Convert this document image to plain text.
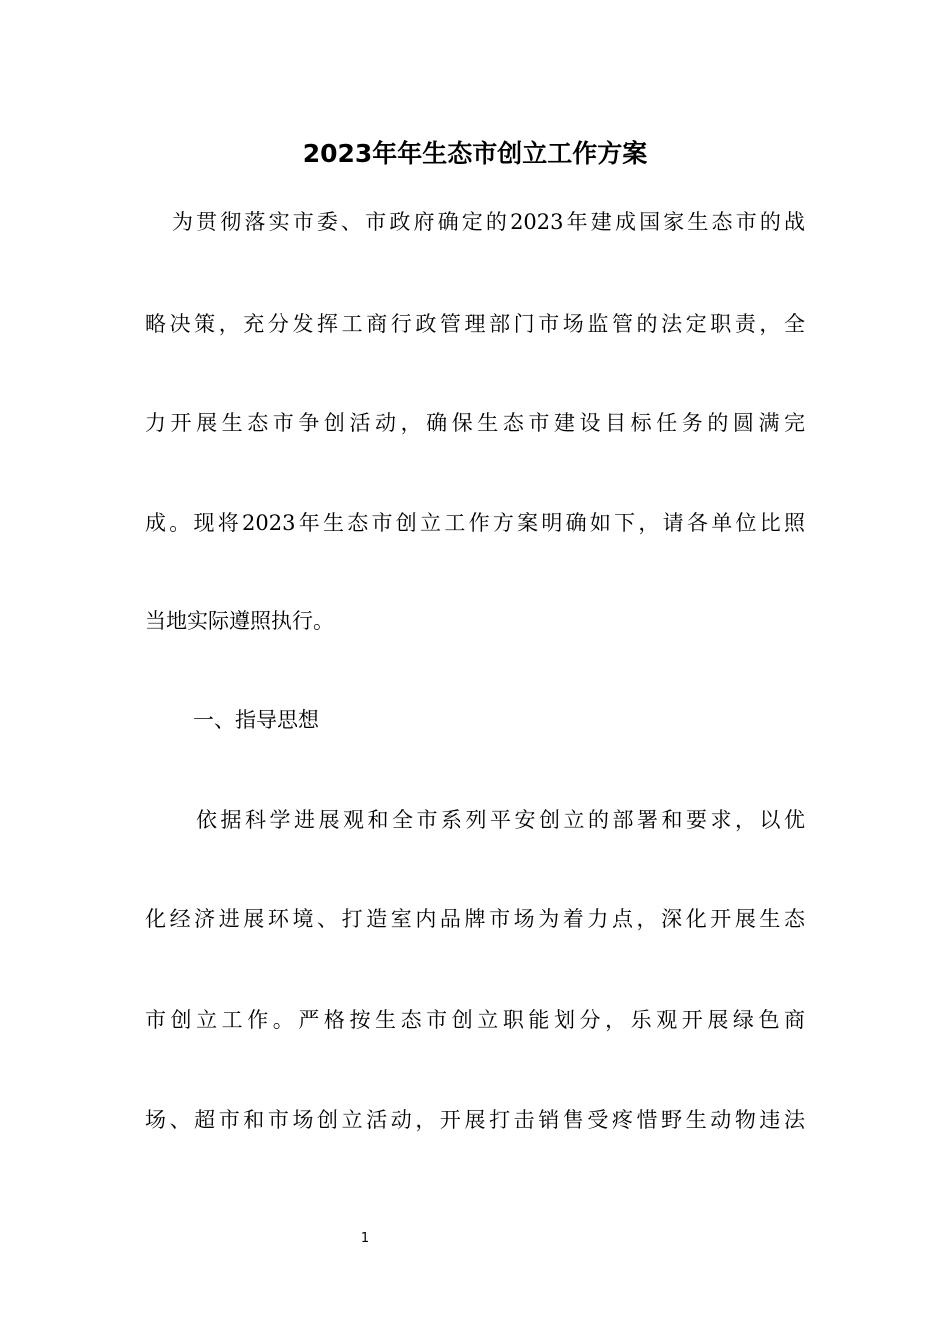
2023年年生态市创立工作方案
为贯彻落实市委、市政府确定的2023年建成国家生态市的战
略决策，充分发挥工商行政管理部门市场监管的法定职责，全
力开展生态市争创活动，确保生态市建设目标任务的圆满完
成。现将2023年生态市创立工作方案明确如下，请各单位比照
当地实际遵照执行。
一、指导思想
依据科学进展观和全市系列平安创立的部署和要求，以优
化经济进展环境、打造室内品牌市场为着力点，深化开展生态
市创立工作。严格按生态市创立职能划分，乐观开展绿色商
场、超市和市场创立活动，开展打击销售受疼惜野生动物违法
1
